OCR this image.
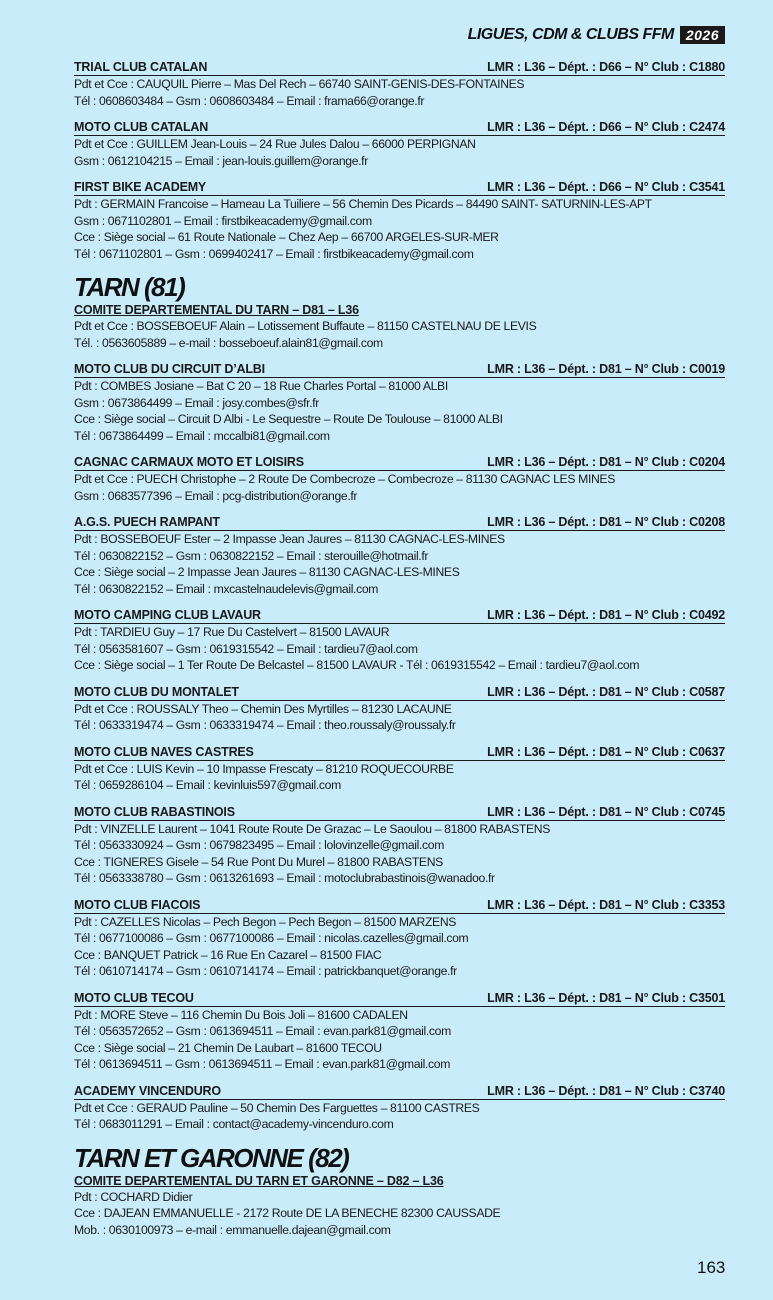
LIGUES, CDM & CLUBS FFM 2026
TRIAL CLUB CATALAN	LMR : L36 – Dépt. : D66 – N° Club : C1880
Pdt et Cce : CAUQUIL Pierre – Mas Del Rech – 66740 SAINT-GENIS-DES-FONTAINES
Tél : 0608603484 – Gsm : 0608603484 – Email : frama66@orange.fr
MOTO CLUB CATALAN	LMR : L36 – Dépt. : D66 – N° Club : C2474
Pdt et Cce : GUILLEM Jean-Louis – 24 Rue Jules Dalou – 66000 PERPIGNAN
Gsm : 0612104215 – Email : jean-louis.guillem@orange.fr
FIRST BIKE ACADEMY	LMR : L36 – Dépt. : D66 – N° Club : C3541
Pdt : GERMAIN Francoise – Hameau La Tuiliere – 56 Chemin Des Picards – 84490 SAINT- SATURNIN-LES-APT
Gsm : 0671102801 – Email : firstbikeacademy@gmail.com
Cce : Siège social – 61 Route Nationale – Chez Aep – 66700 ARGELES-SUR-MER
Tél : 0671102801 – Gsm : 0699402417 – Email : firstbikeacademy@gmail.com
TARN (81)
COMITE DEPARTEMENTAL DU TARN – D81 – L36
Pdt et Cce : BOSSEBOEUF Alain – Lotissement Buffaute – 81150 CASTELNAU DE LEVIS
Tél. : 0563605889 – e-mail : bosseboeuf.alain81@gmail.com
MOTO CLUB DU CIRCUIT D’ALBI	LMR : L36 – Dépt. : D81 – N° Club : C0019
Pdt : COMBES Josiane – Bat C 20 – 18 Rue Charles Portal – 81000 ALBI
Gsm : 0673864499 – Email : josy.combes@sfr.fr
Cce : Siège social – Circuit D Albi - Le Sequestre – Route De Toulouse – 81000 ALBI
Tél : 0673864499 – Email : mccalbi81@gmail.com
CAGNAC CARMAUX MOTO ET LOISIRS	LMR : L36 – Dépt. : D81 – N° Club : C0204
Pdt et Cce : PUECH Christophe – 2 Route De Combecroze – Combecroze – 81130 CAGNAC LES MINES
Gsm : 0683577396 – Email : pcg-distribution@orange.fr
A.G.S. PUECH RAMPANT	LMR : L36 – Dépt. : D81 – N° Club : C0208
Pdt : BOSSEBOEUF Ester – 2 Impasse Jean Jaures – 81130 CAGNAC-LES-MINES
Tél : 0630822152 – Gsm : 0630822152 – Email : sterouille@hotmail.fr
Cce : Siège social – 2 Impasse Jean Jaures – 81130 CAGNAC-LES-MINES
Tél : 0630822152 – Email : mxcastelnaudelevis@gmail.com
MOTO CAMPING CLUB LAVAUR	LMR : L36 – Dépt. : D81 – N° Club : C0492
Pdt : TARDIEU Guy – 17 Rue Du Castelvert – 81500 LAVAUR
Tél : 0563581607 – Gsm : 0619315542 – Email : tardieu7@aol.com
Cce : Siège social – 1 Ter Route De Belcastel – 81500 LAVAUR - Tél : 0619315542 – Email : tardieu7@aol.com
MOTO CLUB DU MONTALET	LMR : L36 – Dépt. : D81 – N° Club : C0587
Pdt et Cce : ROUSSALY Theo – Chemin Des Myrtilles – 81230 LACAUNE
Tél : 0633319474 – Gsm : 0633319474 – Email : theo.roussaly@roussaly.fr
MOTO CLUB NAVES CASTRES	LMR : L36 – Dépt. : D81 – N° Club : C0637
Pdt et Cce : LUIS Kevin – 10 Impasse Frescaty – 81210 ROQUECOURBE
Tél : 0659286104 – Email : kevinluis597@gmail.com
MOTO CLUB RABASTINOIS	LMR : L36 – Dépt. : D81 – N° Club : C0745
Pdt : VINZELLE Laurent – 1041 Route Route De Grazac – Le Saoulou – 81800 RABASTENS
Tél : 0563330924 – Gsm : 0679823495 – Email : lolovinzelle@gmail.com
Cce : TIGNERES Gisele – 54 Rue Pont Du Murel – 81800 RABASTENS
Tél : 0563338780 – Gsm : 0613261693 – Email : motoclubrabastinois@wanadoo.fr
MOTO CLUB FIACOIS	LMR : L36 – Dépt. : D81 – N° Club : C3353
Pdt : CAZELLES Nicolas – Pech Begon – Pech Begon – 81500 MARZENS
Tél : 0677100086 – Gsm : 0677100086 – Email : nicolas.cazelles@gmail.com
Cce : BANQUET Patrick – 16 Rue En Cazarel – 81500 FIAC
Tél : 0610714174 – Gsm : 0610714174 – Email : patrickbanquet@orange.fr
MOTO CLUB TECOU	LMR : L36 – Dépt. : D81 – N° Club : C3501
Pdt : MORE Steve – 116 Chemin Du Bois Joli – 81600 CADALEN
Tél : 0563572652 – Gsm : 0613694511 – Email : evan.park81@gmail.com
Cce : Siège social – 21 Chemin De Laubart – 81600 TECOU
Tél : 0613694511 – Gsm : 0613694511 – Email : evan.park81@gmail.com
ACADEMY VINCENDURO	LMR : L36 – Dépt. : D81 – N° Club : C3740
Pdt et Cce : GERAUD Pauline – 50 Chemin Des Farguettes – 81100 CASTRES
Tél : 0683011291 – Email : contact@academy-vincenduro.com
TARN ET GARONNE (82)
COMITE DEPARTEMENTAL DU TARN ET GARONNE – D82 – L36
Pdt : COCHARD Didier
Cce : DAJEAN EMMANUELLE - 2172 Route DE LA BENECHE 82300 CAUSSADE
Mob. : 0630100973 – e-mail : emmanuelle.dajean@gmail.com
163
